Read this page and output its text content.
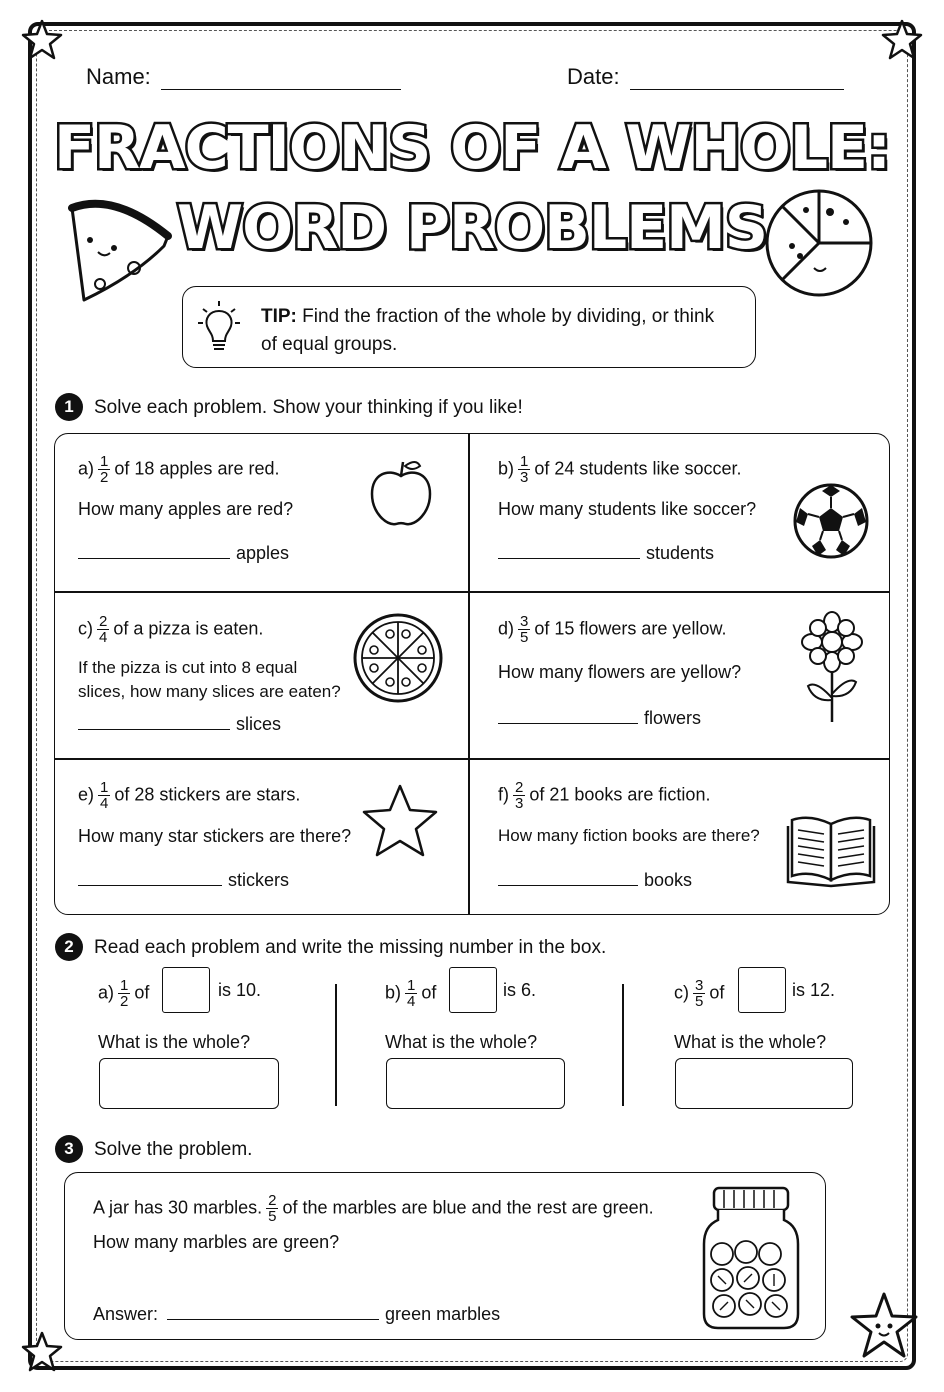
Name:	Date:
FRACTIONS OF A WHOLE:
WORD PROBLEMS
TIP: Find the fraction of the whole by dividing, or think
of equal groups.
1	Solve each problem. Show your thinking if you like!
$a) \frac{1}{2}$ of 18 apples are red.
How many apples are red?
apples
$b) \frac{1}{3}$ of 24 students like soccer.
How many students like soccer?
students
$c) \frac{2}{4}$ of a pizza is eaten.
If the pizza is cut into 8 equal
slices, how many slices are eaten?
slices
$d) \frac{3}{5}$ of 15 flowers are yellow.
How many flowers are yellow?
flowers
$e) \frac{1}{4}$ of 28 stickers are stars.
How many star stickers are there?
stickers
$f) \frac{2}{3}$ of 21 books are fiction.
How many fiction books are there?
books
2	Read each problem and write the missing number in the box.
$a) \frac{1}{2}$ of	is 10.
What is the whole?
$b) \frac{1}{4}$ of	is 6.
What is the whole?
$c) \frac{3}{5}$ of	is 12.
What is the whole?
3	Solve the problem.
A jar has 30 marbles. $\frac{2}{5}$ of the marbles are blue and the rest are green.
How many marbles are green?
Answer:	green marbles
